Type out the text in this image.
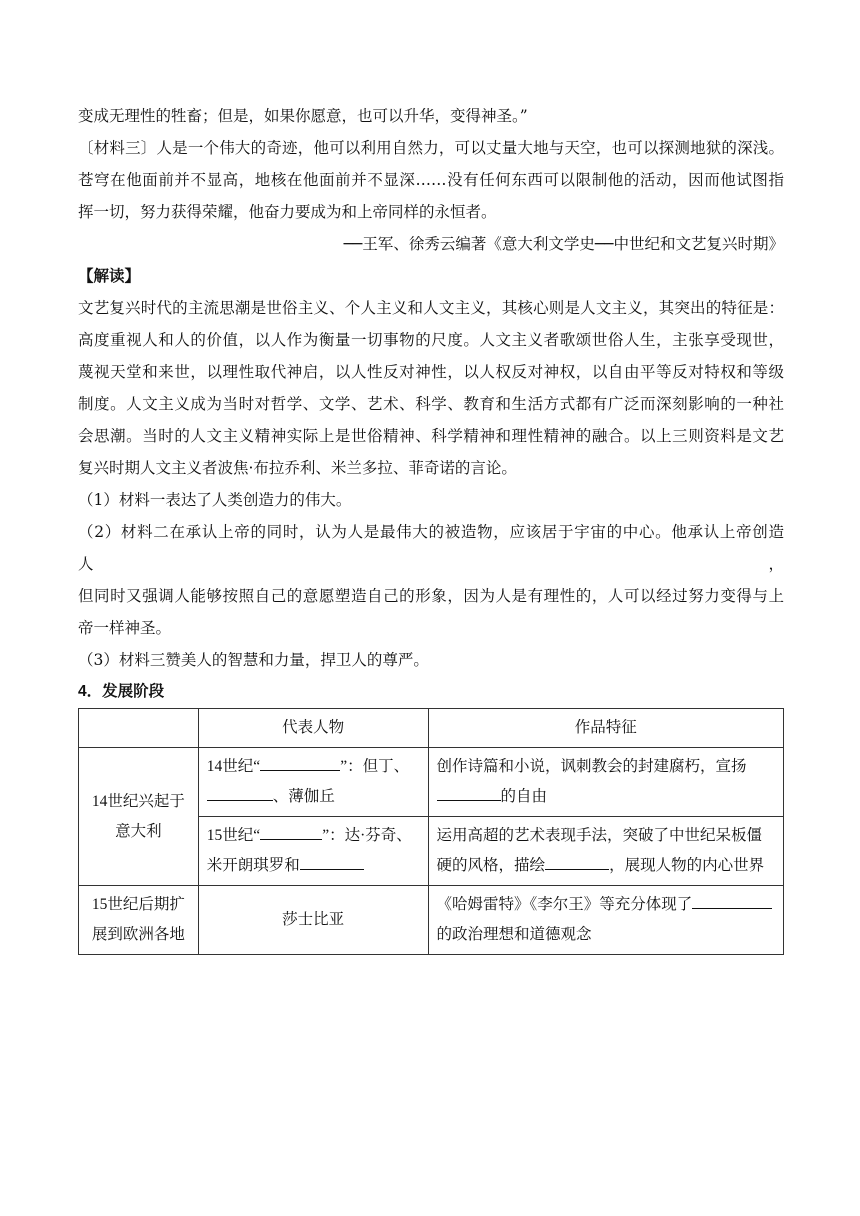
变成无理性的牲畜；但是，如果你愿意，也可以升华，变得神圣。”

〔材料三〕人是一个伟大的奇迹，他可以利用自然力，可以丈量大地与天空，也可以探测地狱的深浅。

苍穹在他面前并不显高，地核在他面前并不显深……没有任何东西可以限制他的活动，因而他试图指

挥一切，努力获得荣耀，他奋力要成为和上帝同样的永恒者。

──王军、徐秀云编著《意大利文学史──中世纪和文艺复兴时期》

【解读】

文艺复兴时代的主流思潮是世俗主义、个人主义和人文主义，其核心则是人文主义，其突出的特征是：

高度重视人和人的价值，以人作为衡量一切事物的尺度。人文主义者歌颂世俗人生，主张享受现世，

蔑视天堂和来世，以理性取代神启，以人性反对神性，以人权反对神权，以自由平等反对特权和等级

制度。人文主义成为当时对哲学、文学、艺术、科学、教育和生活方式都有广泛而深刻影响的一种社

会思潮。当时的人文主义精神实际上是世俗精神、科学精神和理性精神的融合。以上三则资料是文艺

复兴时期人文主义者波焦·布拉乔利、米兰多拉、菲奇诺的言论。

（1）材料一表达了人类创造力的伟大。

（2）材料二在承认上帝的同时，认为人是最伟大的被造物，应该居于宇宙的中心。他承认上帝创造人，

但同时又强调人能够按照自己的意愿塑造自己的形象，因为人是有理性的，人可以经过努力变得与上

帝一样神圣。

（3）材料三赞美人的智慧和力量，捍卫人的尊严。

4．发展阶段

	代表人物	作品特征
14世纪兴起于
意大利	14世纪“ ”：但丁、
、薄伽丘	创作诗篇和小说，讽刺教会的封建腐朽，宣扬
的自由
	15世纪“ ”：达·芬奇、
米开朗琪罗和	运用高超的艺术表现手法，突破了中世纪呆板僵
硬的风格，描绘 ，展现人物的内心世界
15世纪后期扩
展到欧洲各地	莎士比亚	《哈姆雷特》《李尔王》等充分体现了
的政治理想和道德观念
